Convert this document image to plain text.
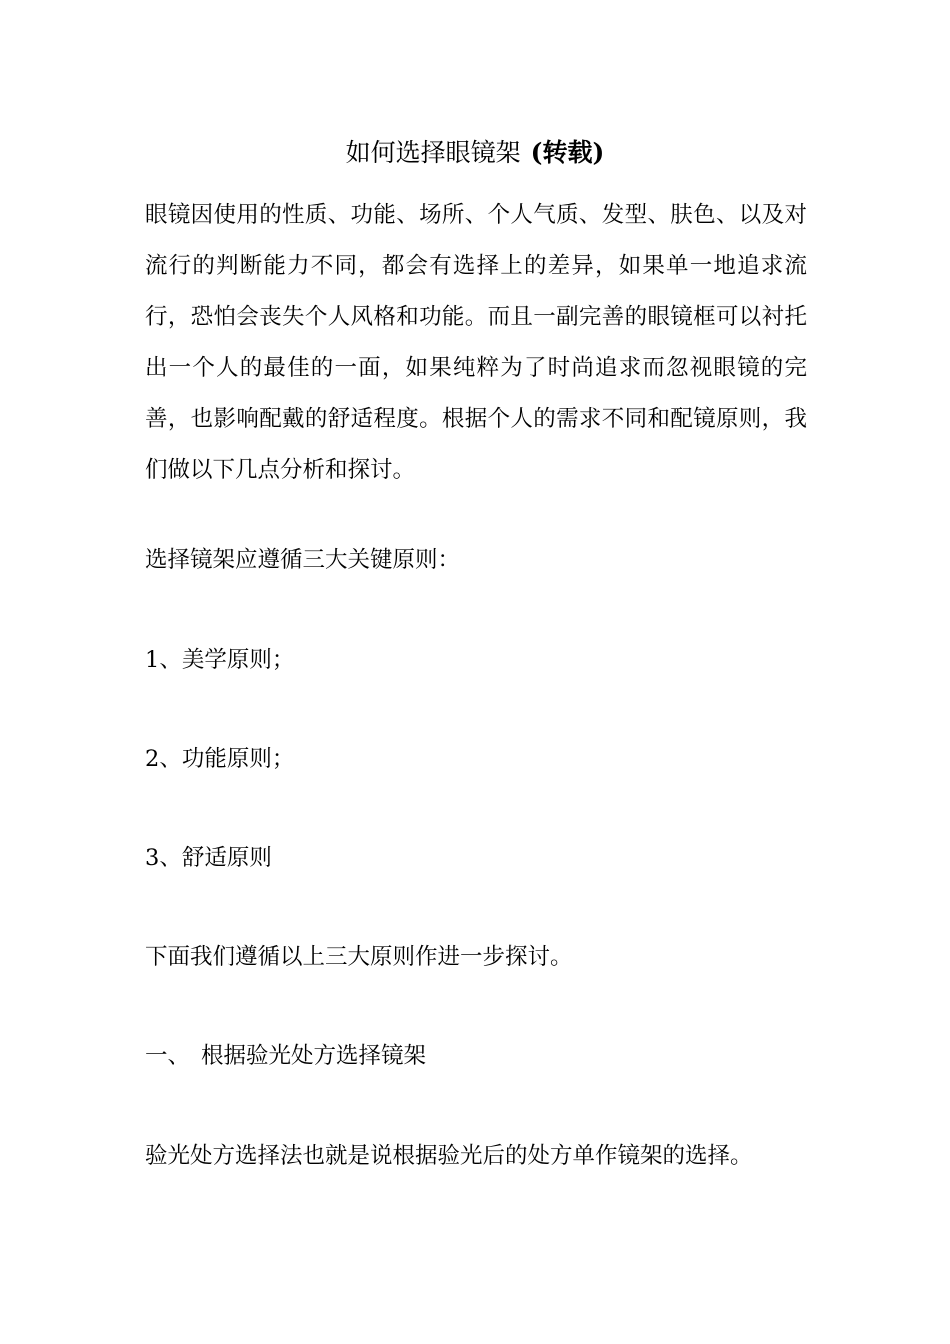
如何选择眼镜架 (转载)

眼镜因使用的性质、功能、场所、个人气质、发型、肤色、以及对流行的判断能力不同，都会有选择上的差异，如果单一地追求流行，恐怕会丧失个人风格和功能。而且一副完善的眼镜框可以衬托出一个人的最佳的一面，如果纯粹为了时尚追求而忽视眼镜的完善，也影响配戴的舒适程度。根据个人的需求不同和配镜原则，我们做以下几点分析和探讨。

选择镜架应遵循三大关键原则：

1、美学原则；

2、功能原则；

3、舒适原则

下面我们遵循以上三大原则作进一步探讨。

一、 根据验光处方选择镜架

验光处方选择法也就是说根据验光后的处方单作镜架的选择。
